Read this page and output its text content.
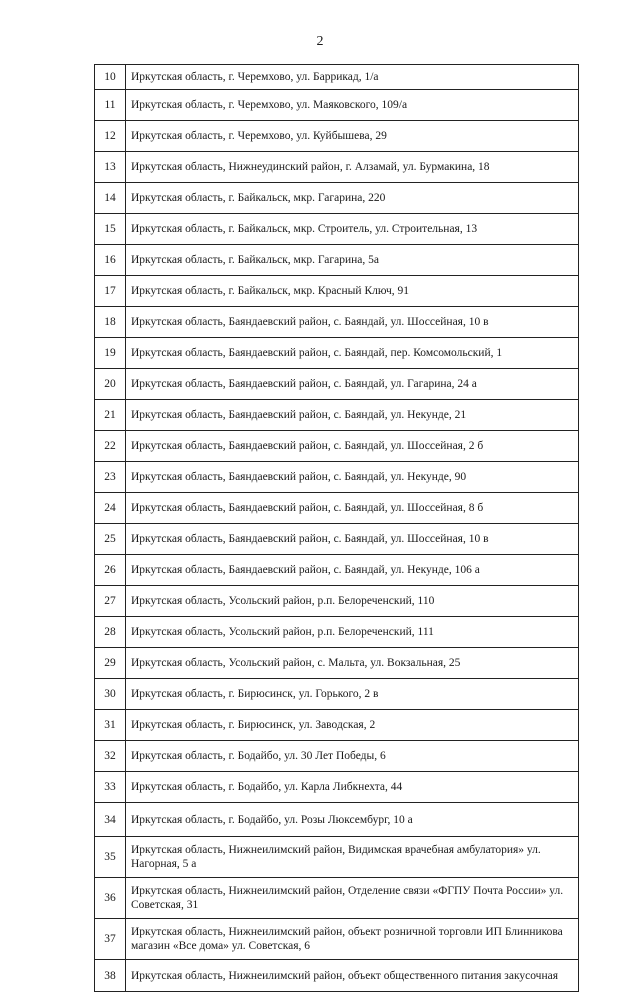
2
10	Иркутская область, г. Черемхово, ул. Баррикад, 1/а
11	Иркутская область, г. Черемхово, ул. Маяковского, 109/а
12	Иркутская область, г. Черемхово, ул. Куйбышева, 29
13	Иркутская область, Нижнеудинский район, г. Алзамай, ул. Бурмакина, 18
14	Иркутская область, г. Байкальск, мкр. Гагарина, 220
15	Иркутская область, г. Байкальск, мкр. Строитель, ул. Строительная, 13
16	Иркутская область, г. Байкальск, мкр. Гагарина, 5а
17	Иркутская область, г. Байкальск, мкр. Красный Ключ, 91
18	Иркутская область, Баяндаевский район, с. Баяндай, ул. Шоссейная, 10 в
19	Иркутская область, Баяндаевский район, с. Баяндай, пер. Комсомольский, 1
20	Иркутская область, Баяндаевский район, с. Баяндай, ул. Гагарина, 24 а
21	Иркутская область, Баяндаевский район, с. Баяндай, ул. Некунде, 21
22	Иркутская область, Баяндаевский район, с. Баяндай, ул. Шоссейная, 2 б
23	Иркутская область, Баяндаевский район, с. Баяндай, ул. Некунде, 90
24	Иркутская область, Баяндаевский район, с. Баяндай, ул. Шоссейная, 8 б
25	Иркутская область, Баяндаевский район, с. Баяндай, ул. Шоссейная, 10 в
26	Иркутская область, Баяндаевский район, с. Баяндай, ул. Некунде, 106 а
27	Иркутская область, Усольский район, р.п. Белореченский, 110
28	Иркутская область, Усольский район, р.п. Белореченский, 111
29	Иркутская область, Усольский район, с. Мальта, ул. Вокзальная, 25
30	Иркутская область, г. Бирюсинск, ул. Горького, 2 в
31	Иркутская область, г. Бирюсинск, ул. Заводская, 2
32	Иркутская область, г. Бодайбо, ул. 30 Лет Победы, 6
33	Иркутская область, г. Бодайбо, ул. Карла Либкнехта, 44
34	Иркутская область, г. Бодайбо, ул. Розы Люксембург, 10 а
35	Иркутская область, Нижнеилимский район, Видимская врачебная амбулатория» ул. Нагорная, 5 а
36	Иркутская область, Нижнеилимский район, Отделение связи «ФГПУ Почта России» ул. Советская, 31
37	Иркутская область, Нижнеилимский район, объект розничной торговли ИП Блинникова магазин «Все дома» ул. Советская, 6
38	Иркутская область, Нижнеилимский район, объект общественного питания закусочная
